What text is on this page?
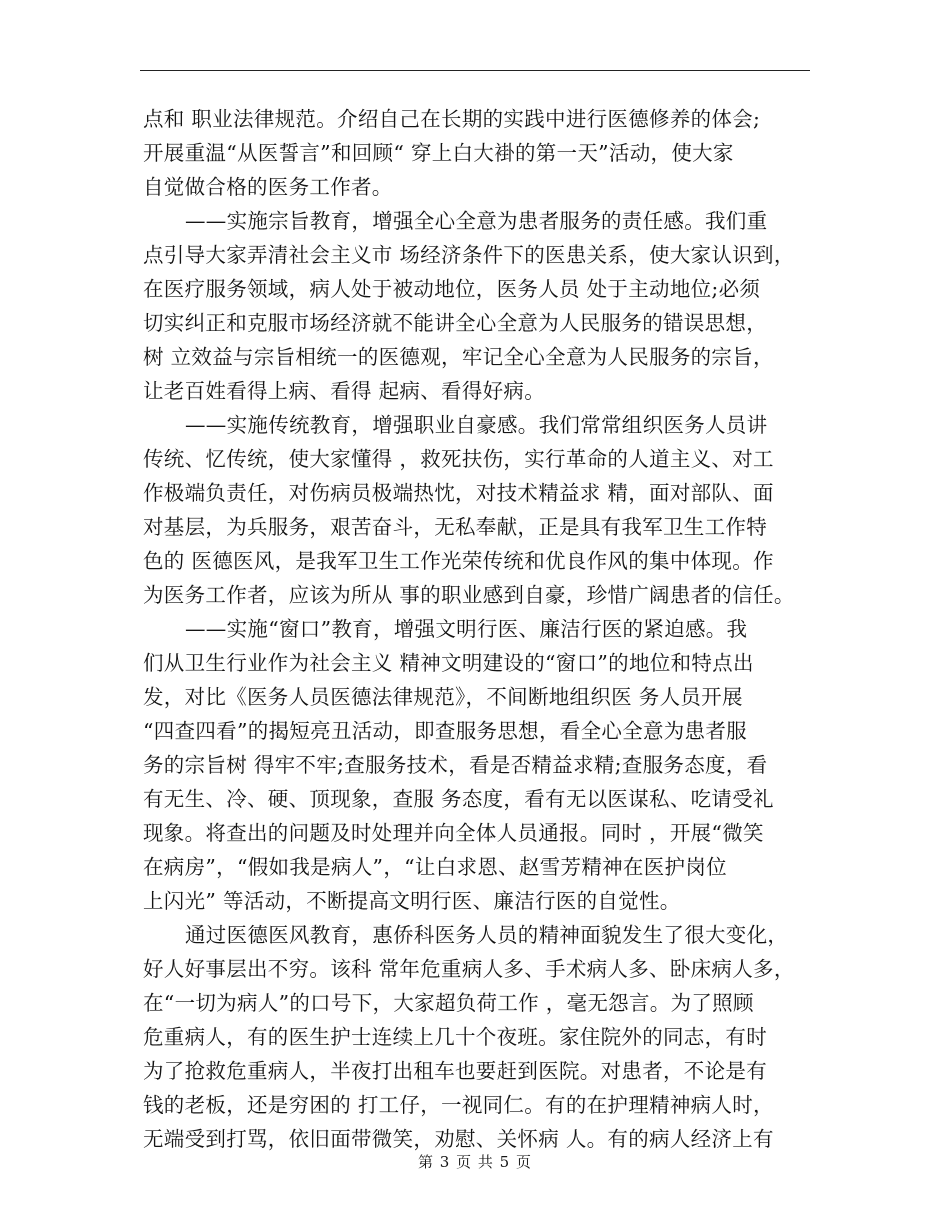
点和 职业法律规范。介绍自己在长期的实践中进行医德修养的体会;
开展重温“从医誓言”和回顾“ 穿上白大褂的第一天”活动，使大家
自觉做合格的医务工作者。
——实施宗旨教育，增强全心全意为患者服务的责任感。我们重
点引导大家弄清社会主义市 场经济条件下的医患关系，使大家认识到，
在医疗服务领域，病人处于被动地位，医务人员 处于主动地位;必须
切实纠正和克服市场经济就不能讲全心全意为人民服务的错误思想，
树 立效益与宗旨相统一的医德观，牢记全心全意为人民服务的宗旨，
让老百姓看得上病、看得 起病、看得好病。
——实施传统教育，增强职业自豪感。我们常常组织医务人员讲
传统、忆传统，使大家懂得 ，救死扶伤，实行革命的人道主义、对工
作极端负责任，对伤病员极端热忱，对技术精益求 精，面对部队、面
对基层，为兵服务，艰苦奋斗，无私奉献，正是具有我军卫生工作特
色的 医德医风，是我军卫生工作光荣传统和优良作风的集中体现。作
为医务工作者，应该为所从 事的职业感到自豪，珍惜广阔患者的信任。
——实施“窗口”教育，增强文明行医、廉洁行医的紧迫感。我
们从卫生行业作为社会主义 精神文明建设的“窗口”的地位和特点出
发，对比《医务人员医德法律规范》，不间断地组织医 务人员开展
“四查四看”的揭短亮丑活动，即查服务思想，看全心全意为患者服
务的宗旨树 得牢不牢;查服务技术，看是否精益求精;查服务态度，看
有无生、冷、硬、顶现象，查服 务态度，看有无以医谋私、吃请受礼
现象。将查出的问题及时处理并向全体人员通报。同时 ，开展“微笑
在病房”，“假如我是病人”，“让白求恩、赵雪芳精神在医护岗位
上闪光” 等活动，不断提高文明行医、廉洁行医的自觉性。
通过医德医风教育，惠侨科医务人员的精神面貌发生了很大变化，
好人好事层出不穷。该科 常年危重病人多、手术病人多、卧床病人多，
在“一切为病人”的口号下，大家超负荷工作 ，毫无怨言。为了照顾
危重病人，有的医生护士连续上几十个夜班。家住院外的同志，有时
为了抢救危重病人，半夜打出租车也要赶到医院。对患者，不论是有
钱的老板，还是穷困的 打工仔，一视同仁。有的在护理精神病人时，
无端受到打骂，依旧面带微笑，劝慰、关怀病 人。有的病人经济上有
第 3 页 共 5 页
